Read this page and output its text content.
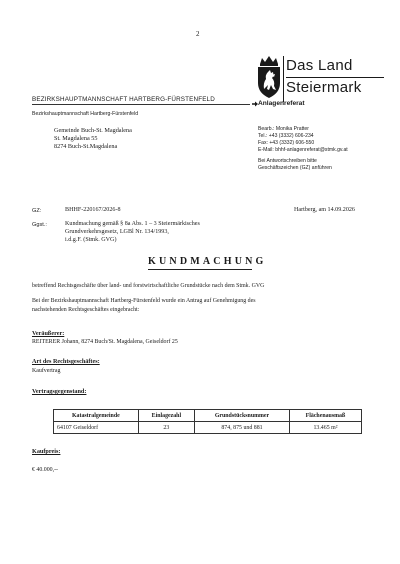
2
Das Land
Steiermark
BEZIRKSHAUPTMANNSCHAFT HARTBERG-FÜRSTENFELD
Anlagenreferat
Bezirkshauptmannschaft Hartberg-Fürstenfeld
Gemeinde Buch-St. Magdalena
St. Magdalena 55
8274 Buch-St.Magdalena
Bearb.: Monika Pratter
Tel.: +43 (3332) 606-234
Fax: +43 (3332) 606-550
E-Mail: bhhf-anlagenreferat@stmk.gv.at
Bei Antwortschreiben bitte
Geschäftszeichen (GZ) anführen
GZ:	BHHF-220167/2026-8	Hartberg, am 14.09.2026
Ggst.:	Kundmachung gemäß § 8a Abs. 1 – 3 Steiermärkisches
Grundverkehrsgesetz, LGBl Nr. 134/1993,
i.d.g.F. (Stmk. GVG)
KUNDMACHUNG
betreffend Rechtsgeschäfte über land- und forstwirtschaftliche Grundstücke nach dem Stmk. GVG
Bei der Bezirkshauptmannschaft Hartberg-Fürstenfeld wurde ein Antrag auf Genehmigung des
nachstehenden Rechtsgeschäftes eingebracht:
Veräußerer:
REITERER Johann, 8274 Buch/St. Magdalena, Geiseldorf 25
Art des Rechtsgeschäftes:
Kaufvertrag
Vertragsgegenstand:
Katastralgemeinde	Einlagezahl	Grundstücksnummer	Flächenausmaß
64107 Geiseldorf	23	874, 875 und 881	13.465 m²
Kaufpreis:
€ 40.000,--
